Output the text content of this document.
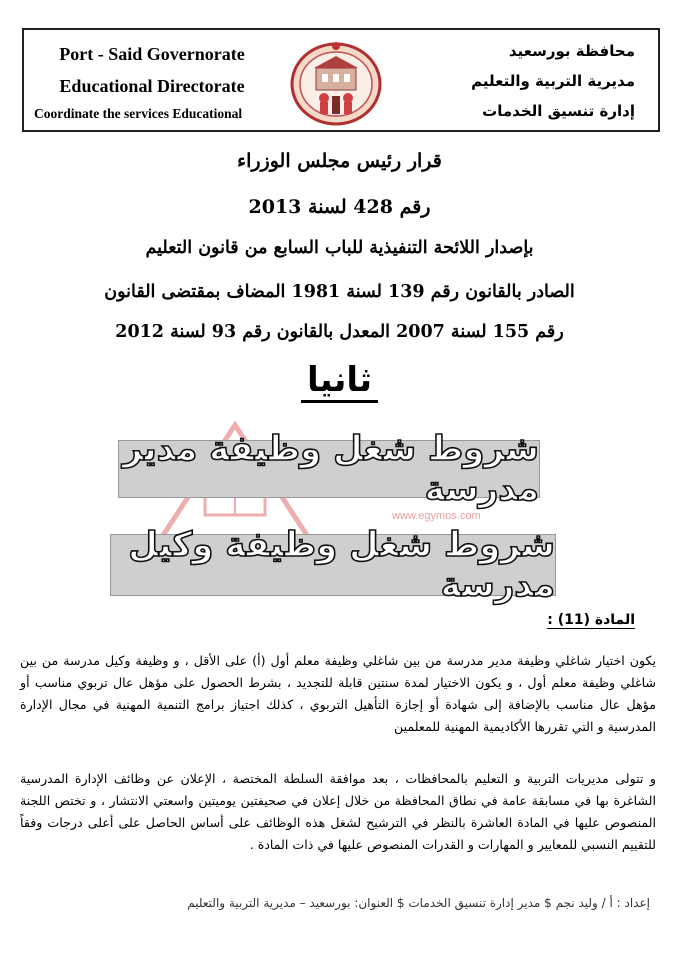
Port - Said Governorate
Educational Directorate
Coordinate the services Educational
محافظة بورسعيد
مديرية التربية والتعليم
إدارة تنسيق الخدمات
قرار رئيس مجلس الوزراء
رقم 428 لسنة 2013
بإصدار اللائحة التنفيذية للباب السابع من قانون التعليم
الصادر بالقانون رقم 139 لسنة 1981 المضاف بمقتضى القانون
رقم 155 لسنة 2007 المعدل بالقانون رقم 93 لسنة 2012
ثانيا
www.egymos.com
شروط شغل وظيفة مدير مدرسة
شروط شغل وظيفة وكيل مدرسة
المادة (11) :
يكون اختيار شاغلي وظيفة مدير مدرسة من بين شاغلي وظيفة معلم أول (أ) على الأقل ، و وظيفة وكيل مدرسة من بين شاغلي وظيفة معلم أول ، و يكون الاختيار لمدة سنتين قابلة للتجديد ، بشرط الحصول على مؤهل عال تربوي مناسب أو مؤهل عال مناسب بالإضافة إلى شهادة أو إجازة التأهيل التربوي ، كذلك اجتياز برامج التنمية المهنية في مجال الإدارة المدرسية و التي تقررها الأكاديمية المهنية للمعلمين
و تتولى مديريات التربية و التعليم بالمحافظات ، بعد موافقة السلطة المختصة ، الإعلان عن وظائف الإدارة المدرسية الشاغرة بها في مسابقة عامة في نطاق المحافظة من خلال إعلان في صحيفتين يوميتين واسعتي الانتشار ، و تختص اللجنة المنصوص عليها في المادة العاشرة بالنظر في الترشيح لشغل هذه الوظائف على أساس الحاصل على أعلى درجات وفقاً للتقييم النسبي للمعايير و المهارات و القدرات المنصوص عليها في ذات المادة .
إعداد : أ / وليد نجم $ مدير إدارة تنسيق الخدمات $ العنوان: بورسعيد – مديرية التربية والتعليم
